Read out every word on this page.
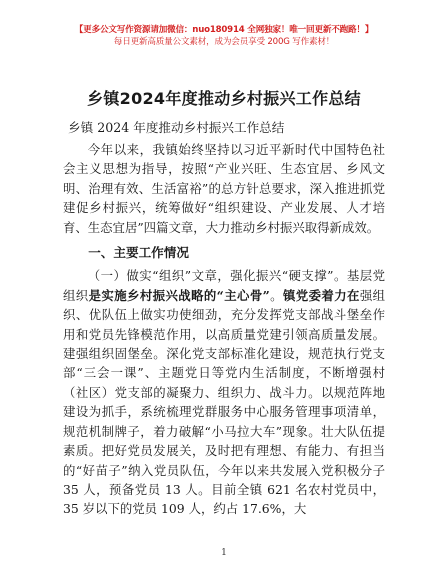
【更多公文写作资源请加微信：nuo180914 全网独家！唯一回更新不跑路！】
每日更新高质量公文素材，成为会员享受 200G 写作素材！
乡镇2024年度推动乡村振兴工作总结
乡镇 2024 年度推动乡村振兴工作总结

今年以来，我镇始终坚持以习近平新时代中国特色社会主义思想为指导，按照“产业兴旺、生态宜居、乡风文明、治理有效、生活富裕”的总方针总要求，深入推进抓党建促乡村振兴，统筹做好“组织建设、产业发展、人才培育、生态宜居”四篇文章，大力推动乡村振兴取得新成效。

一、主要工作情况

（一）做实“组织”文章，强化振兴“硬支撑”。基层党组织是实施乡村振兴战略的“主心骨”。镇党委着力在强组织、优队伍上做实功使细劲，充分发挥党支部战斗堡垒作用和党员先锋模范作用，以高质量党建引领高质量发展。建强组织固堡垒。深化党支部标准化建设，规范执行党支部“三会一课”、主题党日等党内生活制度，不断增强村（社区）党支部的凝聚力、组织力、战斗力。以规范阵地建设为抓手，系统梳理党群服务中心服务管理事项清单，规范机制牌子，着力破解“小马拉大车”现象。壮大队伍提素质。把好党员发展关，及时把有理想、有能力、有担当的“好苗子”纳入党员队伍，今年以来共发展入党积极分子 35 人，预备党员 13 人。目前全镇 621 名农村党员中，35 岁以下的党员 109 人，约占 17.6%，大

1
